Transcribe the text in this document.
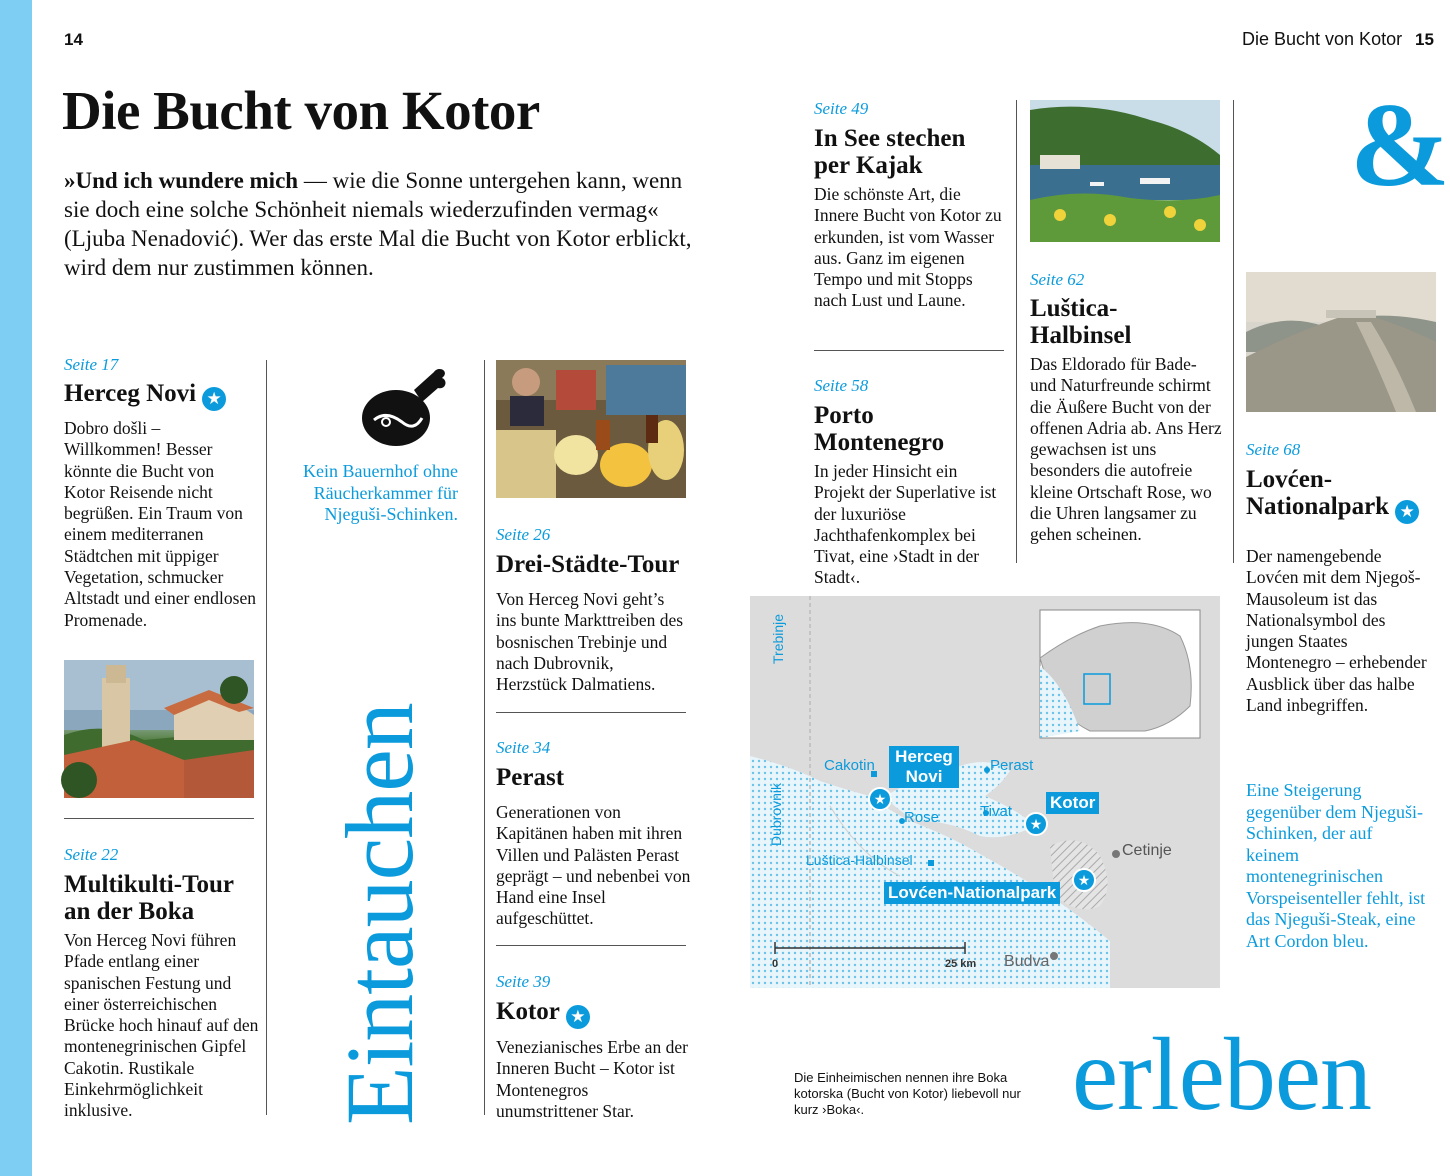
14	Die Bucht von Kotor 15
Die Bucht von Kotor
»Und ich wundere mich — wie die Sonne untergehen kann, wenn sie doch eine solche Schönheit niemals wiederzufinden vermag« (Ljuba Nenadović). Wer das erste Mal die Bucht von Kotor erblickt, wird dem nur zustimmen können.
Seite 17
Herceg Novi ★
Dobro došli – Willkommen! Besser könnte die Bucht von Kotor Reisende nicht begrüßen. Ein Traum von einem mediterranen Städtchen mit üppiger Vegetation, schmucker Altstadt und einer endlosen Promenade.
Seite 22
Multikulti-Tour an der Boka
Von Herceg Novi führen Pfade entlang einer spanischen Festung und einer österreichischen Brücke hoch hinauf auf den montenegrinischen Gipfel Cakotin. Rustikale Einkehrmöglichkeit inklusive.
Kein Bauernhof ohne Räucherkammer für Njeguši-Schinken.
Eintauchen
Seite 26
Drei-Städte-Tour
Von Herceg Novi geht’s ins bunte Markttreiben des bosnischen Trebinje und nach Dubrovnik, Herzstück Dalmatiens.
Seite 34
Perast
Generationen von Kapitänen haben mit ihren Villen und Palästen Perast geprägt – und nebenbei von Hand eine Insel aufgeschüttet.
Seite 39
Kotor ★
Venezianisches Erbe an der Inneren Bucht – Kotor ist Montenegros unumstrittener Star.
Seite 49
In See stechen per Kajak
Die schönste Art, die Innere Bucht von Kotor zu erkunden, ist vom Wasser aus. Ganz im eigenen Tempo und mit Stopps nach Lust und Laune.
Seite 58
Porto Montenegro
In jeder Hinsicht ein Projekt der Superlative ist der luxuriöse Jachthafenkomplex bei Tivat, eine ›Stadt in der Stadt‹.
Seite 62
Luštica-Halbinsel
Das Eldorado für Bade- und Naturfreunde schirmt die Äußere Bucht von der offenen Adria ab. Ans Herz gewachsen ist uns besonders die autofreie kleine Ortschaft Rose, wo die Uhren langsamer zu gehen scheinen.
&
Seite 68
Lovćen-Nationalpark ★
Der namengebende Lovćen mit dem Njegoš-Mausoleum ist das Nationalsymbol des jungen Staates Montenegro – erhebender Ausblick über das halbe Land inbegriffen.
Eine Steigerung gegenüber dem Njeguši-Schinken, der auf keinem montenegrinischen Vorspeisenteller fehlt, ist das Njeguši-Steak, eine Art Cordon bleu.
★
★
★
Trebinje
Dubrovnik
Cakotin	Herceg Novi
Perast
Tivat Kotor
Rose
Cetinje
Luštica-Halbinsel
Lovćen-Nationalpark
Budva
0	25 km
Die Einheimischen nennen ihre Boka kotorska (Bucht von Kotor) liebevoll nur kurz ›Boka‹.	erleben
